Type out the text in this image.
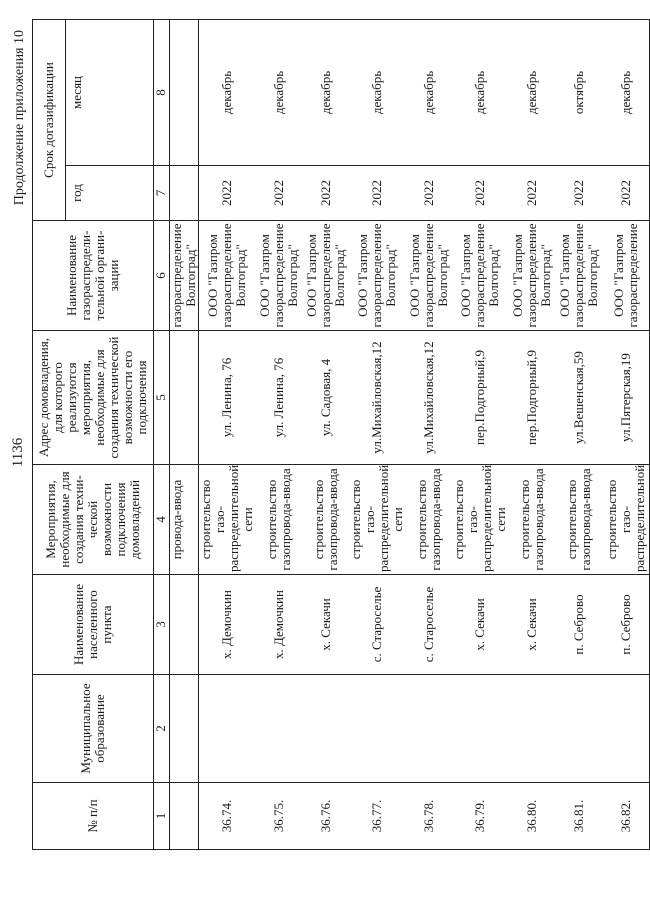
1136
Продолжение приложения 10
№ п/п	Муниципальное образование	Наименование населенного пункта	Мероприятия, необходимые для создания технической возможности подключения домовладений	Адрес домовладения, для которого реализуются мероприятия, необходимые для создания технической возможности его подключения	Наименование газораспределительной организации	Срок догазификации	
						год	месяц
1	2	3	4	5	6	7	8
			провода-ввода		газораспределение Волгоград"		
36.74.		х. Демочкин	строительство газораспределительной сети	ул. Ленина, 76	ООО "Газпром газораспределение Волгоград"	2022	декабрь
36.75.		х. Демочкин	строительство газопровода-ввода	ул. Ленина, 76	ООО "Газпром газораспределение Волгоград"	2022	декабрь
36.76.		х. Секачи	строительство газопровода-ввода	ул. Садовая, 4	ООО "Газпром газораспределение Волгоград"	2022	декабрь
36.77.		с. Староселье	строительство газораспределительной сети	ул.Михайловская,12	ООО "Газпром газораспределение Волгоград"	2022	декабрь
36.78.		с. Староселье	строительство газопровода-ввода	ул.Михайловская,12	ООО "Газпром газораспределение Волгоград"	2022	декабрь
36.79.		х. Секачи	строительство газораспределительной сети	пер.Подгорный,9	ООО "Газпром газораспределение Волгоград"	2022	декабрь
36.80.		х. Секачи	строительство газопровода-ввода	пер.Подгорный,9	ООО "Газпром газораспределение Волгоград"	2022	декабрь
36.81.		п. Себрово	строительство газопровода-ввода	ул.Вешенская,59	ООО "Газпром газораспределение Волгоград"	2022	октябрь
36.82.		п. Себрово	строительство газораспределительной	ул.Пятерская,19	ООО "Газпром газораспределение	2022	декабрь
